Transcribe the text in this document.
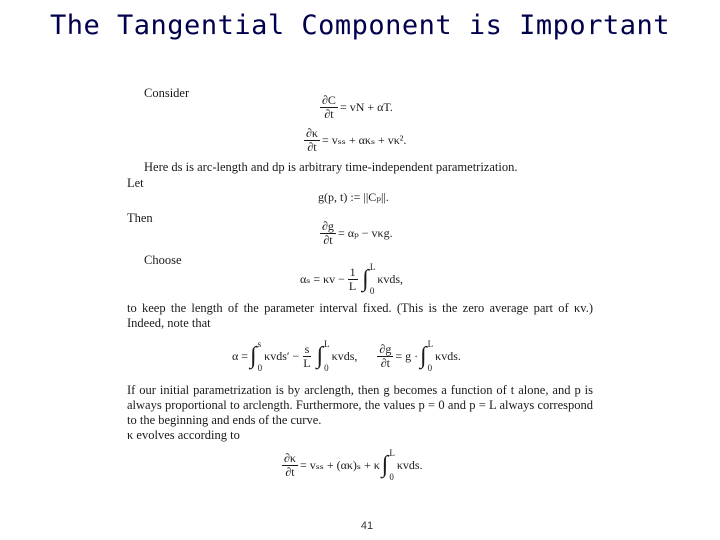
The Tangential Component is Important
Consider
$\frac{\partial C}{\partial t}$ = vN + αT.
$\frac{\partial\kappa}{\partial t} = v_{ss} + \alpha\kappa_s + v\kappa^2$.
Here ds is arc-length and dp is arbitrary time-independent parametrization.
Let
g(p, t) := ||Cₚ||.
Then
$\frac{\partial g}{\partial t} = \alpha_p - v\kappa g$.
Choose
$\alpha_s = \kappa v - \frac{1}{L}$ ∫ L
0
κvds,
to keep the length of the parameter interval fixed. (This is the zero average part of κv.) Indeed, note that
α = ∫ s
0
$\kappa vds' - \frac{s}{L}$ ∫ L
0
κvds, $\frac{\partial g}{\partial t} = g$ · ∫ L
0
κvds.
If our initial parametrization is by arclength, then g becomes a function of t alone, and p is always proportional to arclength. Furthermore, the values p = 0 and p = L always correspond to the beginning and ends of the curve.
κ evolves according to
$\frac{\partial\kappa}{\partial t} = v_{ss} + (\alpha\kappa)_s + \kappa$ ∫ L
0
κvds.
41
